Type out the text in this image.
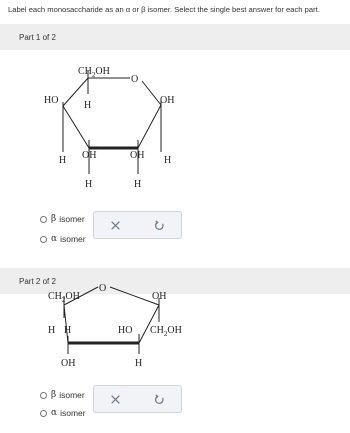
Label each monosaccharide as an α or β isomer. Select the single best answer for each part.
Part 1 of 2
$CH_2OH$
O
HO	H	OH
H OH	OH H
H	H
β isomer
α isomer
Part 2 of 2
$CH_2OH$
O
OH
H H	HO $CH_2OH$
OH	H
β isomer
α isomer
